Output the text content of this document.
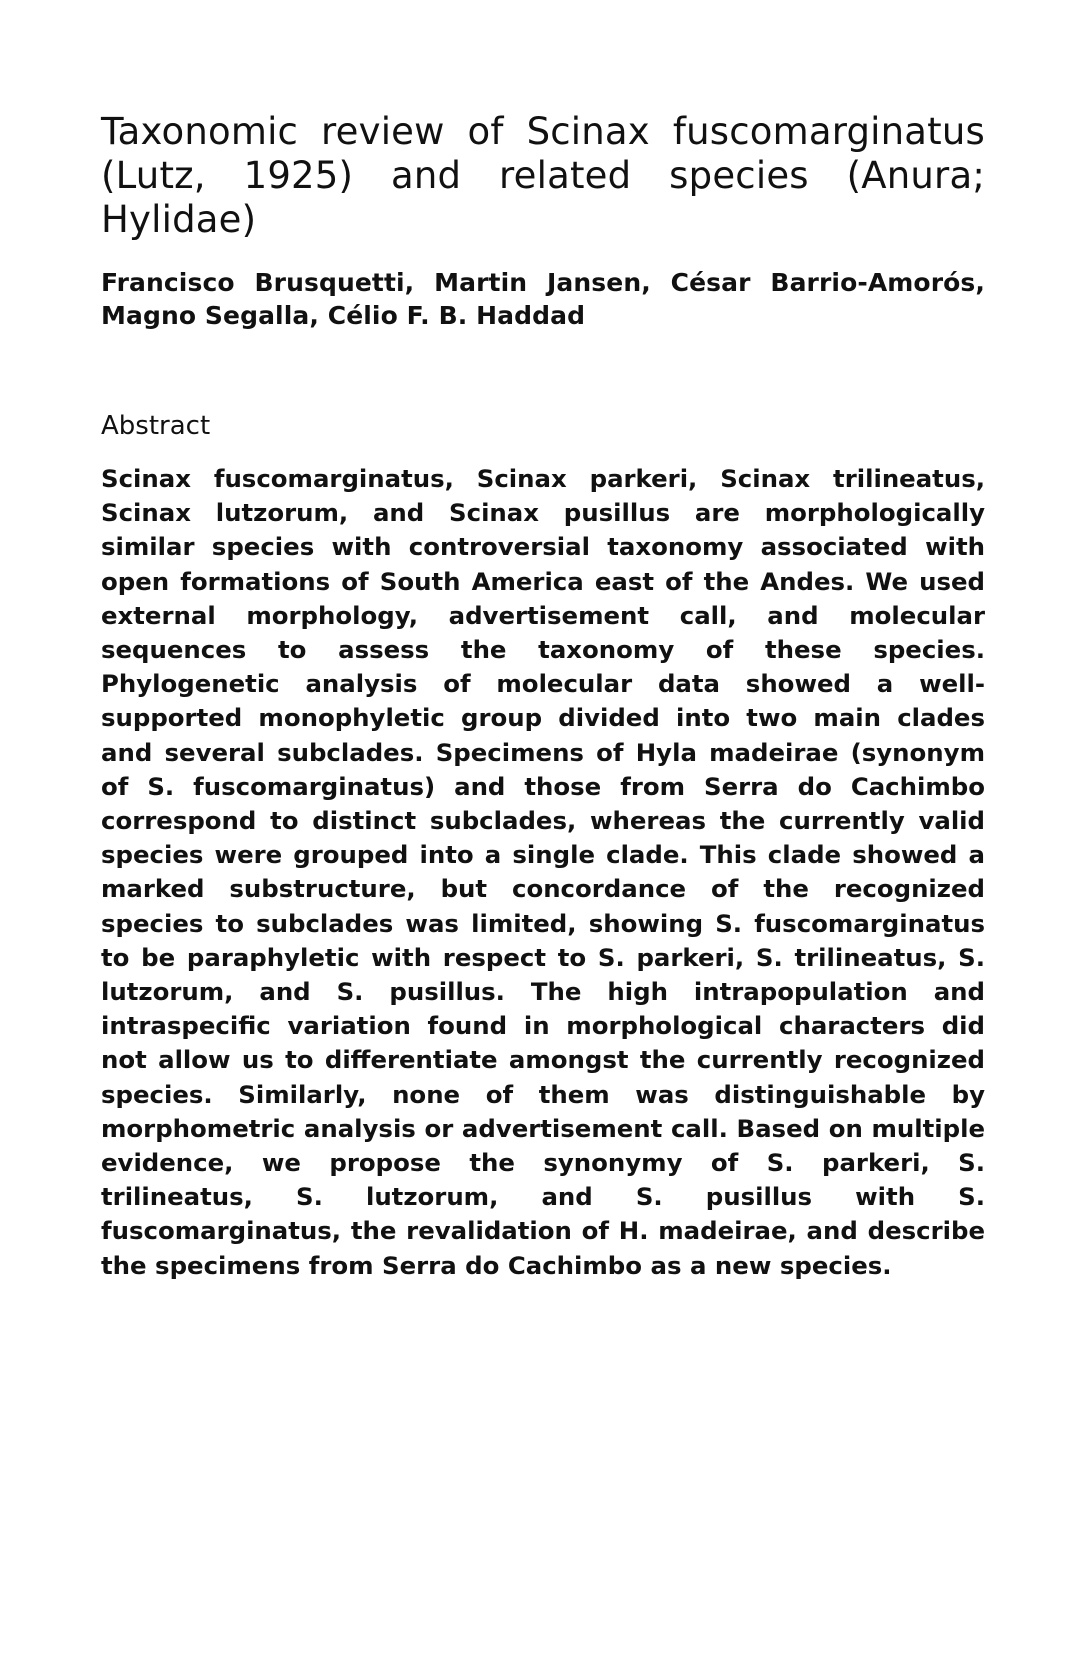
Taxonomic review of Scinax fuscomarginatus (Lutz, 1925) and related species (Anura; Hylidae)
Francisco Brusquetti, Martin Jansen, César Barrio-Amorós, Magno Segalla, Célio F. B. Haddad
Abstract

Scinax fuscomarginatus, Scinax parkeri, Scinax trilineatus, Scinax lutzorum, and Scinax pusillus are morphologically similar species with controversial taxonomy associated with open formations of South America east of the Andes. We used external morphology, advertisement call, and molecular sequences to assess the taxonomy of these species. Phylogenetic analysis of molecular data showed a well-supported monophyletic group divided into two main clades and several subclades. Specimens of Hyla madeirae (synonym of S. fuscomarginatus) and those from Serra do Cachimbo correspond to distinct subclades, whereas the currently valid species were grouped into a single clade. This clade showed a marked substructure, but concordance of the recognized species to subclades was limited, showing S. fuscomarginatus to be paraphyletic with respect to S. parkeri, S. trilineatus, S. lutzorum, and S. pusillus. The high intrapopulation and intraspecific variation found in morphological characters did not allow us to differentiate amongst the currently recognized species. Similarly, none of them was distinguishable by morphometric analysis or advertisement call. Based on multiple evidence, we propose the synonymy of S. parkeri, S. trilineatus, S. lutzorum, and S. pusillus with S. fuscomarginatus, the revalidation of H. madeirae, and describe the specimens from Serra do Cachimbo as a new species.
